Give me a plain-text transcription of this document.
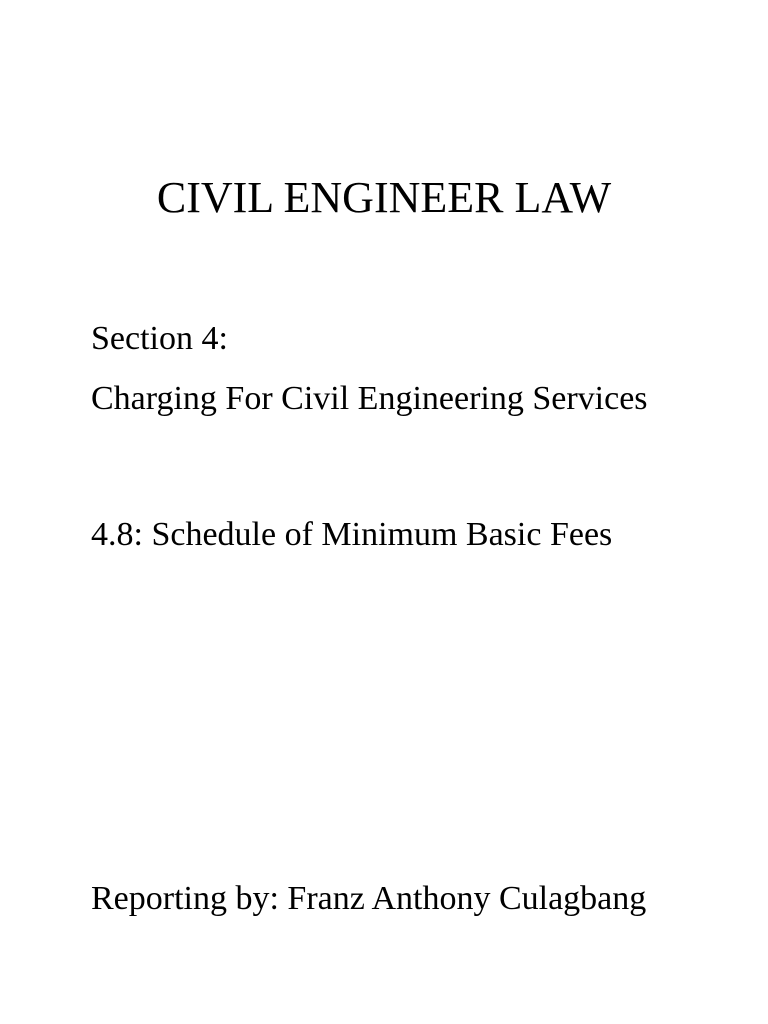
CIVIL ENGINEER LAW
Section 4:
Charging For Civil Engineering Services
4.8: Schedule of Minimum Basic Fees
Reporting by: Franz Anthony Culagbang
